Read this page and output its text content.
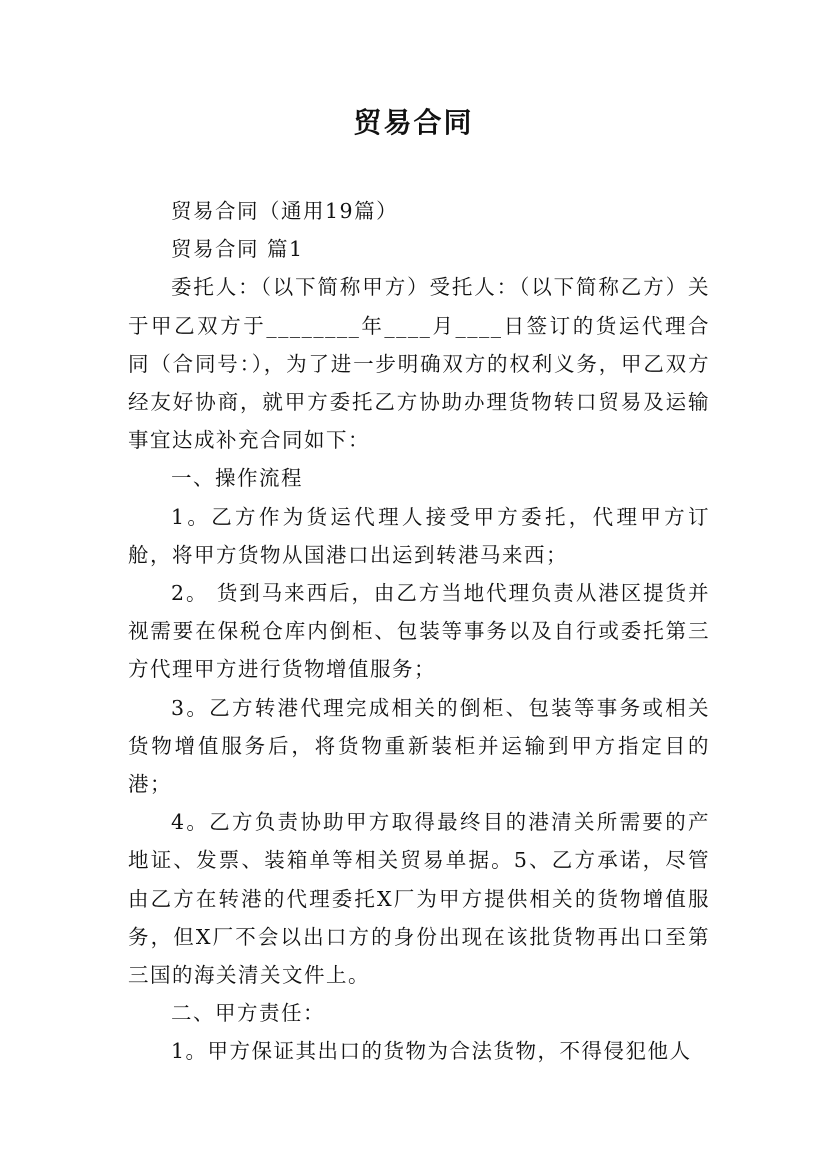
贸易合同

贸易合同（通用19篇）

贸易合同 篇1

委托人：（以下简称甲方）受托人：（以下简称乙方）关于甲乙双方于________年____月____日签订的货运代理合同（合同号：），为了进一步明确双方的权利义务，甲乙双方经友好协商，就甲方委托乙方协助办理货物转口贸易及运输事宜达成补充合同如下：

一、操作流程

1。乙方作为货运代理人接受甲方委托，代理甲方订舱，将甲方货物从国港口出运到转港马来西；

2。 货到马来西后，由乙方当地代理负责从港区提货并视需要在保税仓库内倒柜、包装等事务以及自行或委托第三方代理甲方进行货物增值服务；

3。乙方转港代理完成相关的倒柜、包装等事务或相关货物增值服务后，将货物重新装柜并运输到甲方指定目的港；

4。乙方负责协助甲方取得最终目的港清关所需要的产地证、发票、装箱单等相关贸易单据。5、乙方承诺，尽管由乙方在转港的代理委托X厂为甲方提供相关的货物增值服务，但X厂不会以出口方的身份出现在该批货物再出口至第三国的海关清关文件上。

二、甲方责任：

1。甲方保证其出口的货物为合法货物，不得侵犯他人
